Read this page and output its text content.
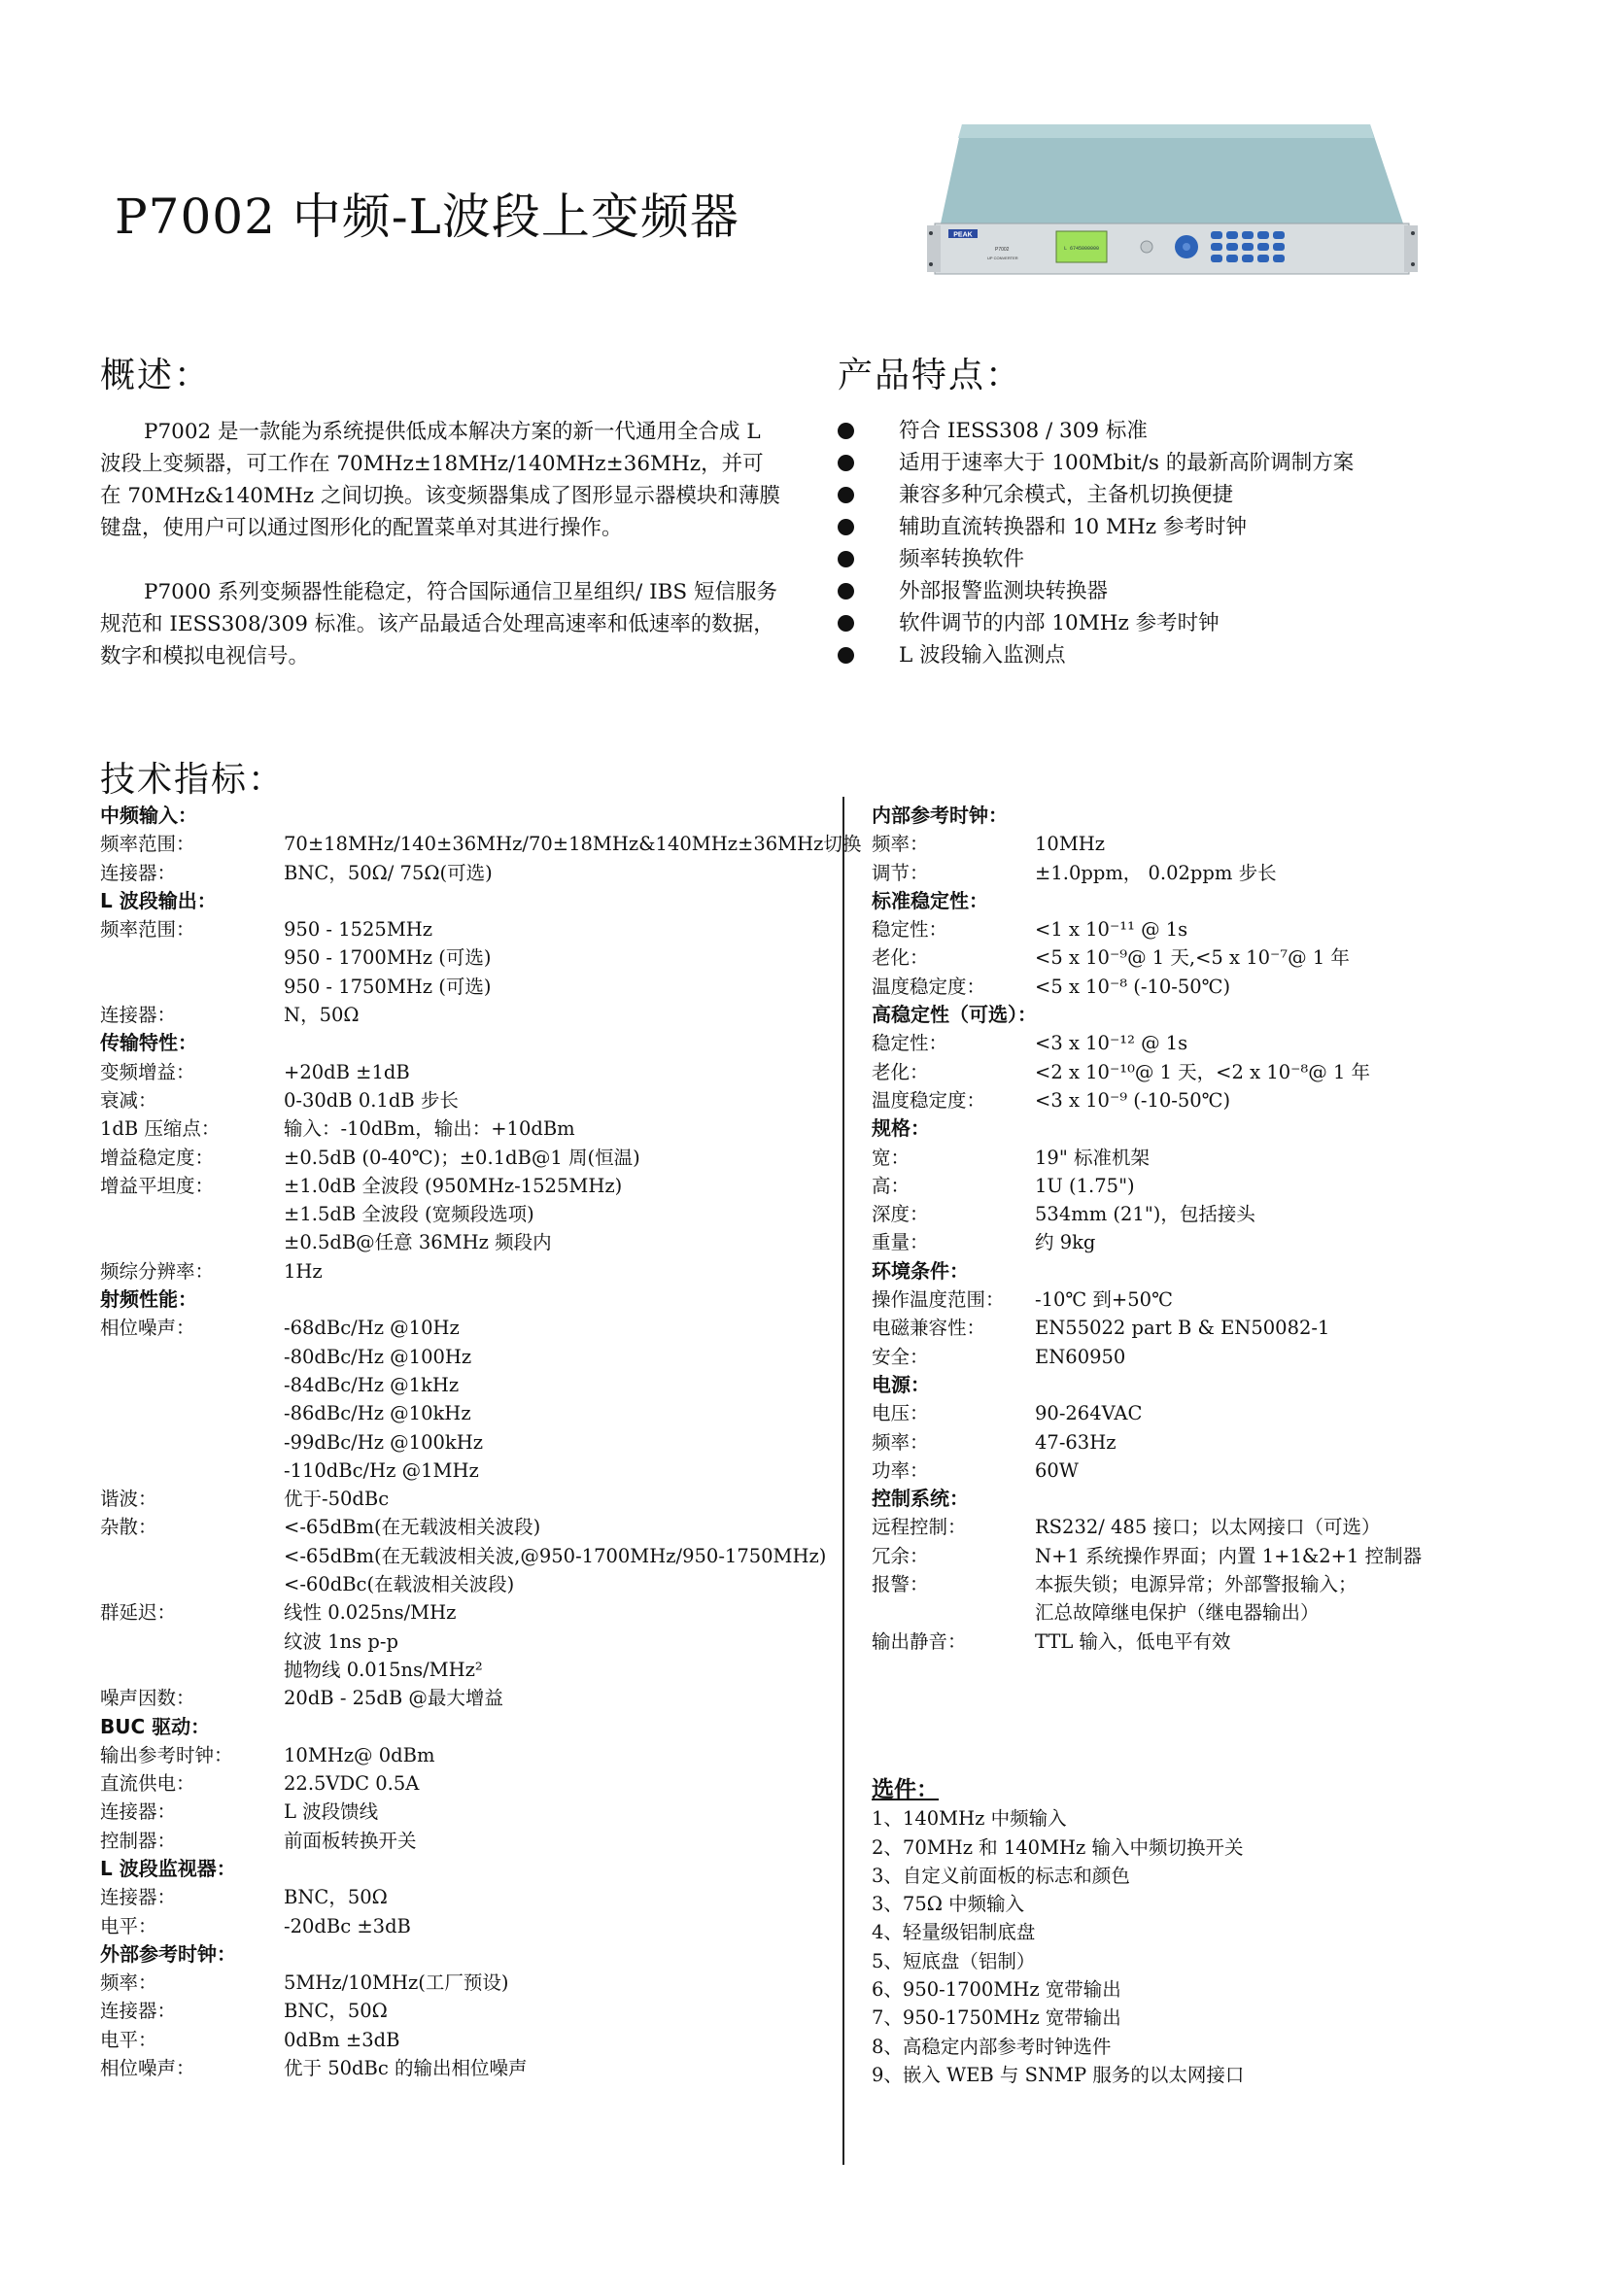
P7002 中频-L波段上变频器	PEAK
P7002
UP CONVERTER
L 6745000000
概述：

P7002 是一款能为系统提供低成本解决方案的新一代通用全合成 L 波段上变频器，可工作在 70MHz±18MHz/140MHz±36MHz，并可在 70MHz&140MHz 之间切换。该变频器集成了图形显示器模块和薄膜键盘，使用户可以通过图形化的配置菜单对其进行操作。

P7000 系列变频器性能稳定，符合国际通信卫星组织/ IBS 短信服务规范和 IESS308/309 标准。该产品最适合处理高速率和低速率的数据，数字和模拟电视信号。

产品特点：
符合 IESS308 / 309 标准
适用于速率大于 100Mbit/s 的最新高阶调制方案
兼容多种冗余模式，主备机切换便捷
辅助直流转换器和 10 MHz 参考时钟
频率转换软件
外部报警监测块转换器
软件调节的内部 10MHz 参考时钟
L 波段输入监测点
技术指标：
中频输入：
频率范围：	70±18MHz/140±36MHz/70±18MHz&140MHz±36MHz切换
连接器：	BNC，50Ω/ 75Ω(可选)
L 波段输出：
频率范围：	950 - 1525MHz
950 - 1700MHz (可选)
950 - 1750MHz (可选)
连接器：	N，50Ω
传输特性：
变频增益：	+20dB ±1dB
衰减：	0-30dB 0.1dB 步长
1dB 压缩点：	输入：-10dBm，输出：+10dBm
增益稳定度：	±0.5dB (0-40℃)；±0.1dB@1 周(恒温)
增益平坦度：	±1.0dB 全波段 (950MHz-1525MHz)
±1.5dB 全波段 (宽频段选项)
±0.5dB@任意 36MHz 频段内
频综分辨率：	1Hz
射频性能：
相位噪声：	-68dBc/Hz @10Hz
-80dBc/Hz @100Hz
-84dBc/Hz @1kHz
-86dBc/Hz @10kHz
-99dBc/Hz @100kHz
-110dBc/Hz @1MHz
谐波：	优于-50dBc
杂散：	<-65dBm(在无载波相关波段)
<-65dBm(在无载波相关波,@950-1700MHz/950-1750MHz)
<-60dBc(在载波相关波段)
群延迟：	线性 0.025ns/MHz
纹波 1ns p-p
抛物线 0.015ns/MHz²
噪声因数：	20dB - 25dB @最大增益
BUC 驱动：
输出参考时钟：	10MHz@ 0dBm
直流供电：	22.5VDC 0.5A
连接器：	L 波段馈线
控制器：	前面板转换开关
L 波段监视器：
连接器：	BNC，50Ω
电平：	-20dBc ±3dB
外部参考时钟：
频率：	5MHz/10MHz(工厂预设)
连接器：	BNC，50Ω
电平：	0dBm ±3dB
相位噪声：	优于 50dBc 的输出相位噪声
内部参考时钟：
频率：	10MHz
调节：	±1.0ppm， 0.02ppm 步长
标准稳定性：
稳定性：	<1 x 10⁻¹¹ @ 1s
老化：	<5 x 10⁻⁹@ 1 天,<5 x 10⁻⁷@ 1 年
温度稳定度：	<5 x 10⁻⁸ (-10-50℃)
高稳定性（可选）：
稳定性：	<3 x 10⁻¹² @ 1s
老化：	<2 x 10⁻¹⁰@ 1 天，<2 x 10⁻⁸@ 1 年
温度稳定度：	<3 x 10⁻⁹ (-10-50℃)
规格：
宽：	19" 标准机架
高：	1U (1.75")
深度：	534mm (21")，包括接头
重量：	约 9kg
环境条件：
操作温度范围： -10℃ 到+50℃
电磁兼容性：	EN55022 part B & EN50082-1
安全：	EN60950
电源：
电压：	90-264VAC
频率：	47-63Hz
功率：	60W
控制系统：
远程控制：	RS232/ 485 接口；以太网接口（可选）
冗余：	N+1 系统操作界面；内置 1+1&2+1 控制器
报警：	本振失锁；电源异常；外部警报输入；
汇总故障继电保护（继电器输出）
输出静音：	TTL 输入，低电平有效
选件：
1、140MHz 中频输入
2、70MHz 和 140MHz 输入中频切换开关
3、自定义前面板的标志和颜色
3、75Ω 中频输入
4、轻量级铝制底盘
5、短底盘（铝制）
6、950-1700MHz 宽带输出
7、950-1750MHz 宽带输出
8、高稳定内部参考时钟选件
9、嵌入 WEB 与 SNMP 服务的以太网接口
